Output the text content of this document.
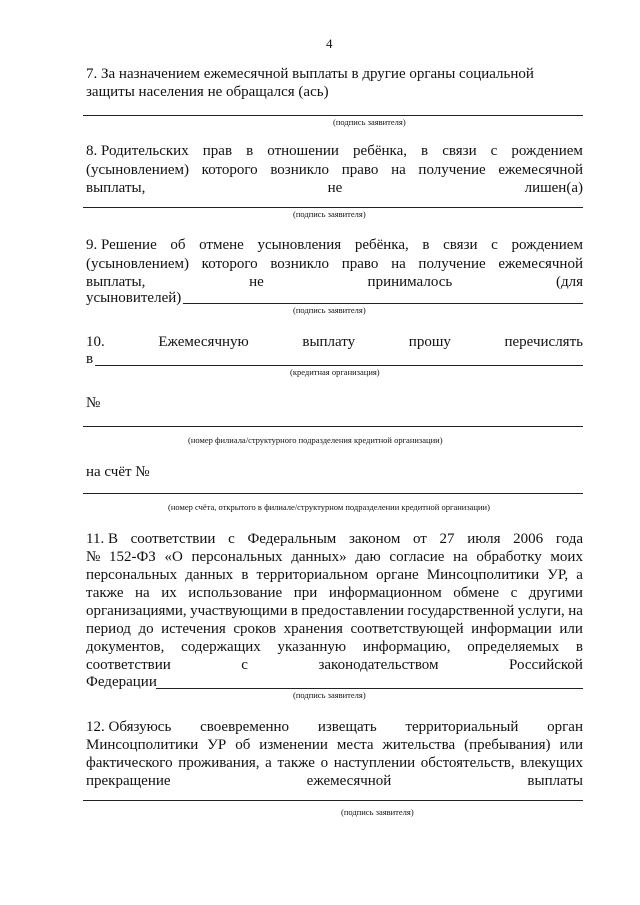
4
7. За назначением ежемесячной выплаты в другие органы социальной
защиты населения не обращался (ась)
(подпись заявителя)
8. Родительских прав в отношении ребёнка, в связи с рождением
(усыновлением) которого возникло право на получение ежемесячной
выплаты,	не	лишен(а)
(подпись заявителя)
9. Решение об отмене усыновления ребёнка, в связи с рождением
(усыновлением) которого возникло право на получение ежемесячной
выплаты,	не	принималось	(для
усыновителей)
(подпись заявителя)
10.	Ежемесячную	выплату	прошу	перечислять
в
(кредитная организация)
№
(номер филиала/структурного подразделения кредитной организации)
на счёт №
(номер счёта, открытого в филиале/структурном подразделении кредитной организации)
11. В соответствии с Федеральным законом от 27 июля 2006 года
№ 152-ФЗ «О персональных данных» даю согласие на обработку моих
персональных данных в территориальном органе Минсоцполитики УР, а
также на их использование при информационном обмене с другими
организациями, участвующими в предоставлении государственной услуги, на
период до истечения сроков хранения соответствующей информации или
документов, содержащих указанную информацию, определяемых в
соответствии	с	законодательством	Российской
Федерации
(подпись заявителя)
12. Обязуюсь своевременно извещать территориальный орган
Минсоцполитики УР об изменении места жительства (пребывания) или
фактического проживания, а также о наступлении обстоятельств, влекущих
прекращение	ежемесячной	выплаты
(подпись заявителя)
